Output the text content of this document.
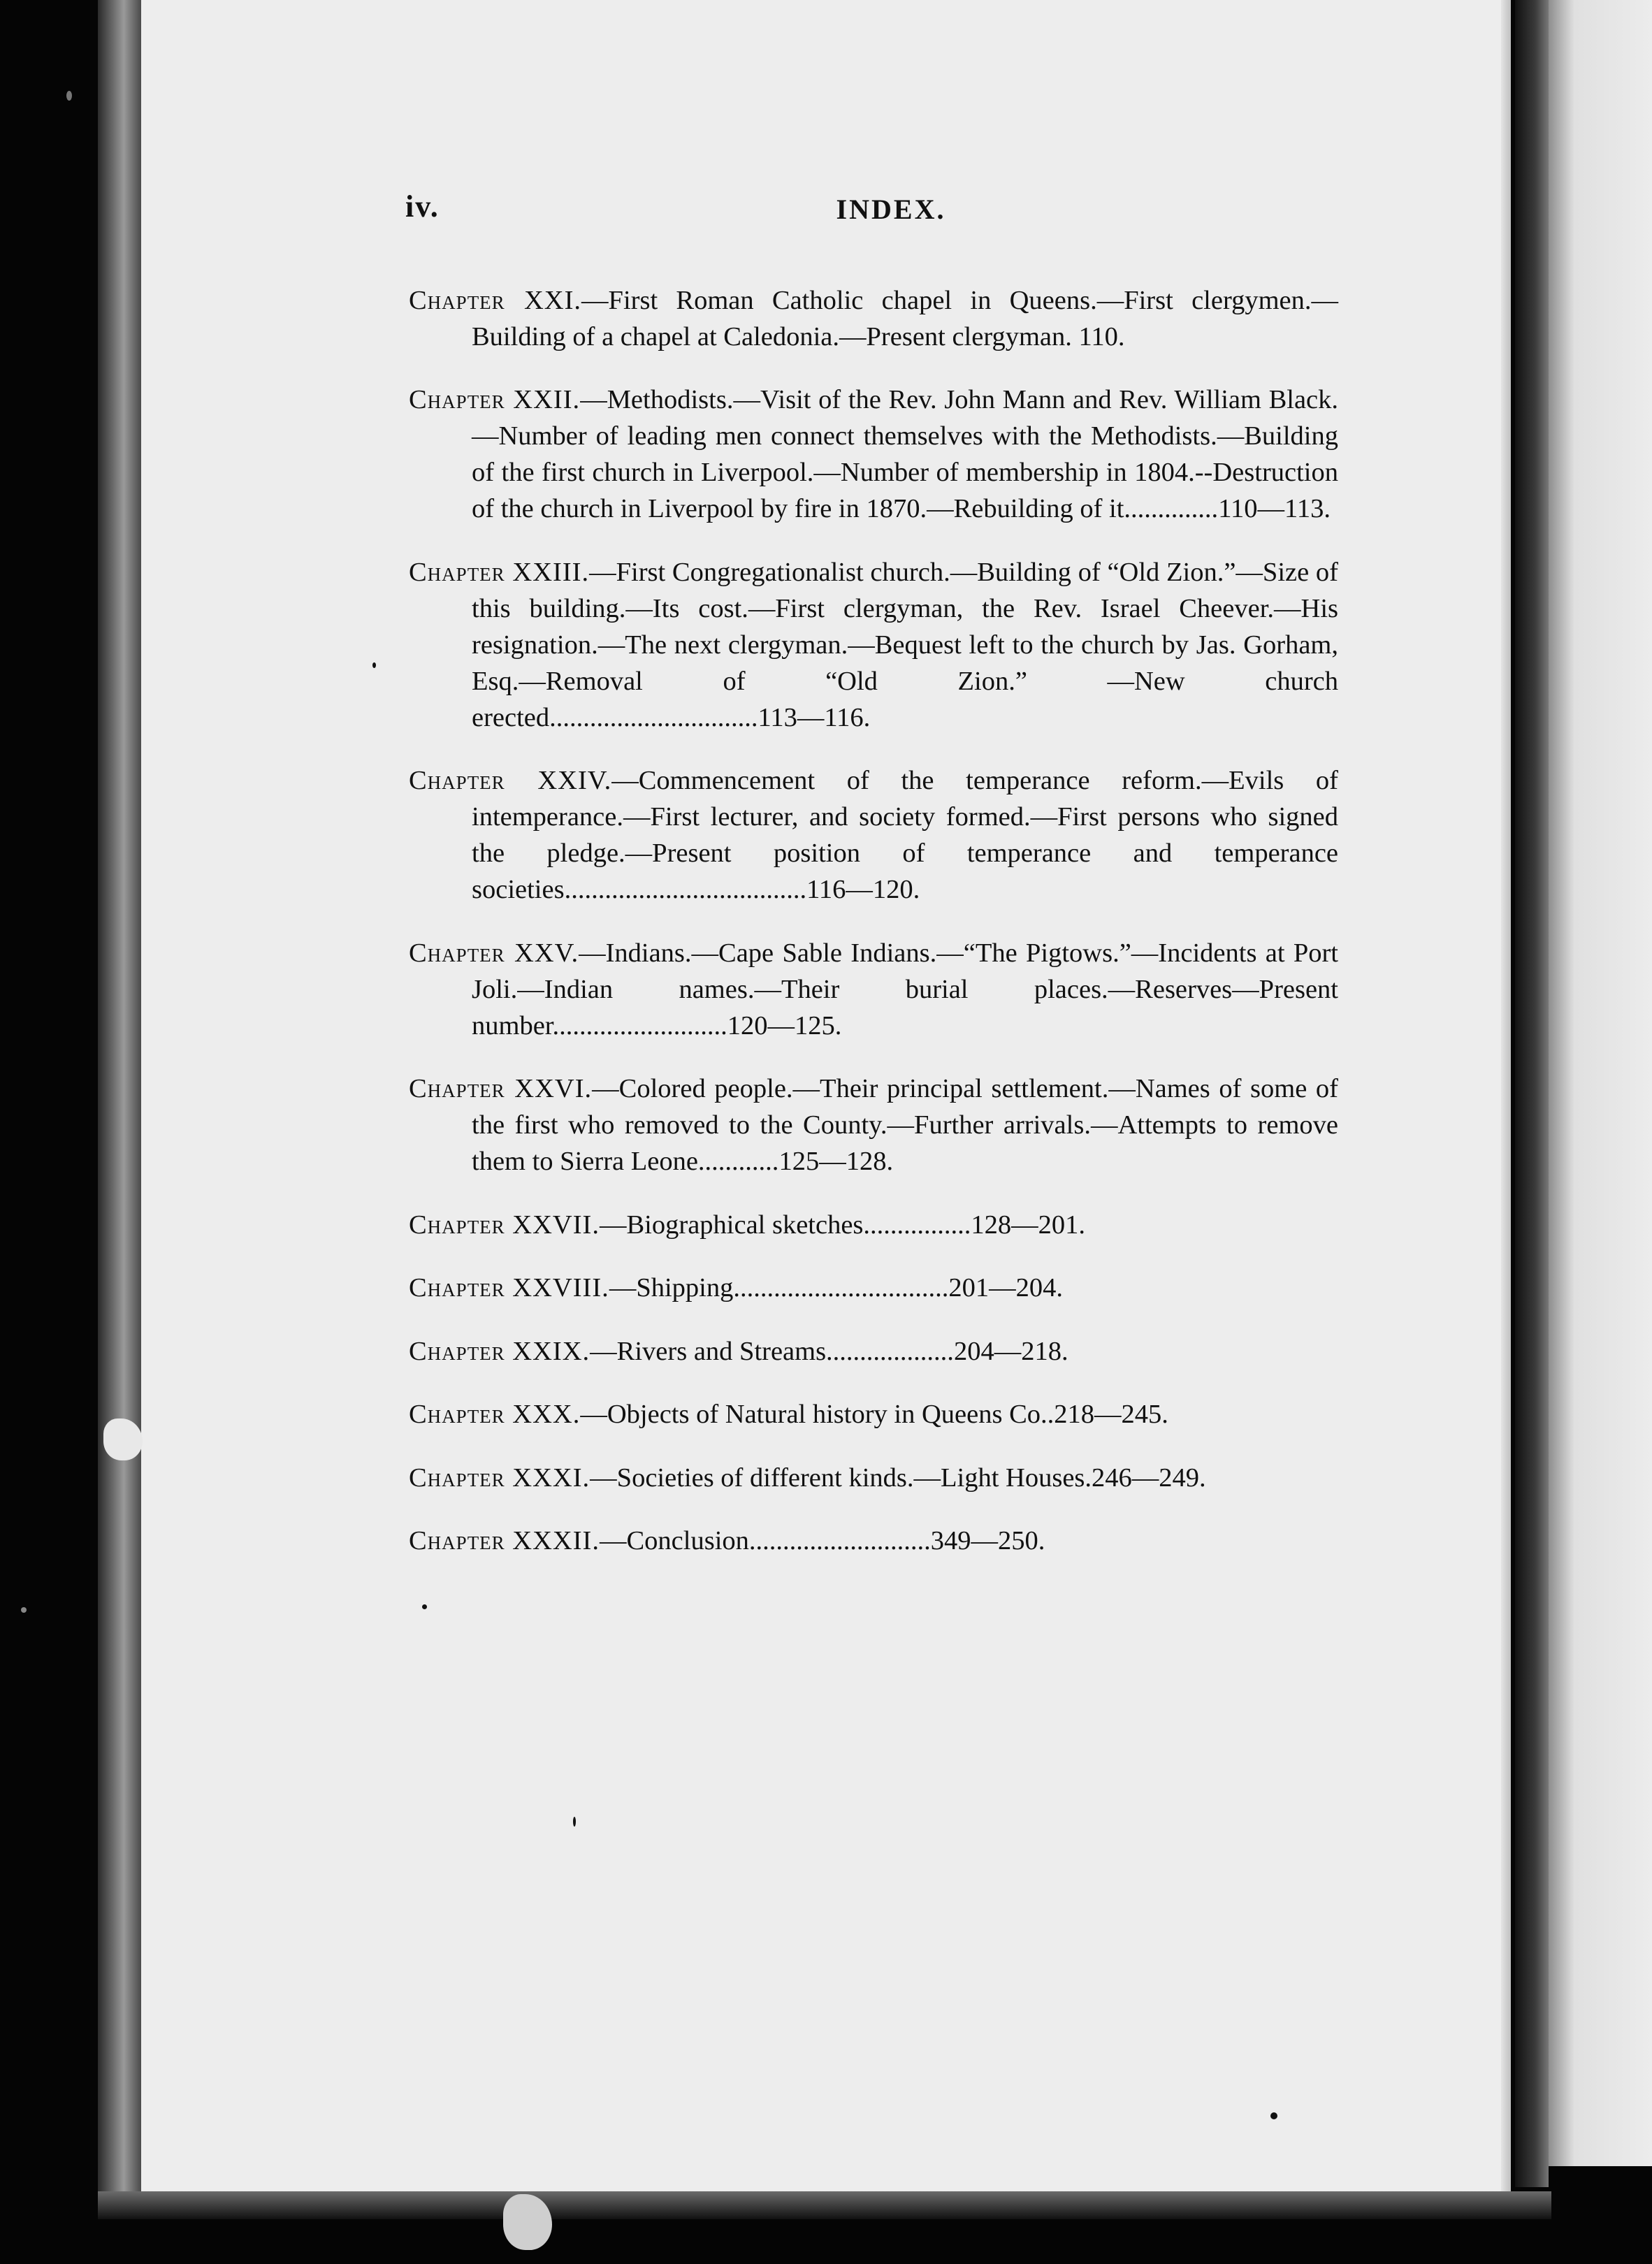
iv.	INDEX.

Chapter XXI.—First Roman Catholic chapel in Queens.—First clergymen.—Building of a chapel at Caledonia.—Present clergyman. 110.

Chapter XXII.—Methodists.—Visit of the Rev. John Mann and Rev. William Black.—Number of leading men connect themselves with the Methodists.—Building of the first church in Liverpool.—Number of membership in 1804.--Destruction of the church in Liverpool by fire in 1870.—Rebuilding of it..............110—113.

Chapter XXIII.—First Congregationalist church.—Building of “Old Zion.”—Size of this building.—Its cost.—First clergyman, the Rev. Israel Cheever.—His resignation.—The next clergyman.—Bequest left to the church by Jas. Gorham, Esq.—Removal of “Old Zion.” —New church erected...............................113—116.

Chapter XXIV.—Commencement of the temperance reform.—Evils of intemperance.—First lecturer, and society formed.—First persons who signed the pledge.—Present position of temperance and temperance societies....................................116—120.

Chapter XXV.—Indians.—Cape Sable Indians.—“The Pigtows.”—Incidents at Port Joli.—Indian names.—Their burial places.—Reserves—Present number..........................120—125.

Chapter XXVI.—Colored people.—Their principal settlement.—Names of some of the first who removed to the County.—Further arrivals.—Attempts to remove them to Sierra Leone............125—128.

Chapter XXVII.—Biographical sketches................128—201.

Chapter XXVIII.—Shipping................................201—204.

Chapter XXIX.—Rivers and Streams...................204—218.

Chapter XXX.—Objects of Natural history in Queens Co..218—245.

Chapter XXXI.—Societies of different kinds.—Light Houses.246—249.

Chapter XXXII.—Conclusion...........................349—250.
